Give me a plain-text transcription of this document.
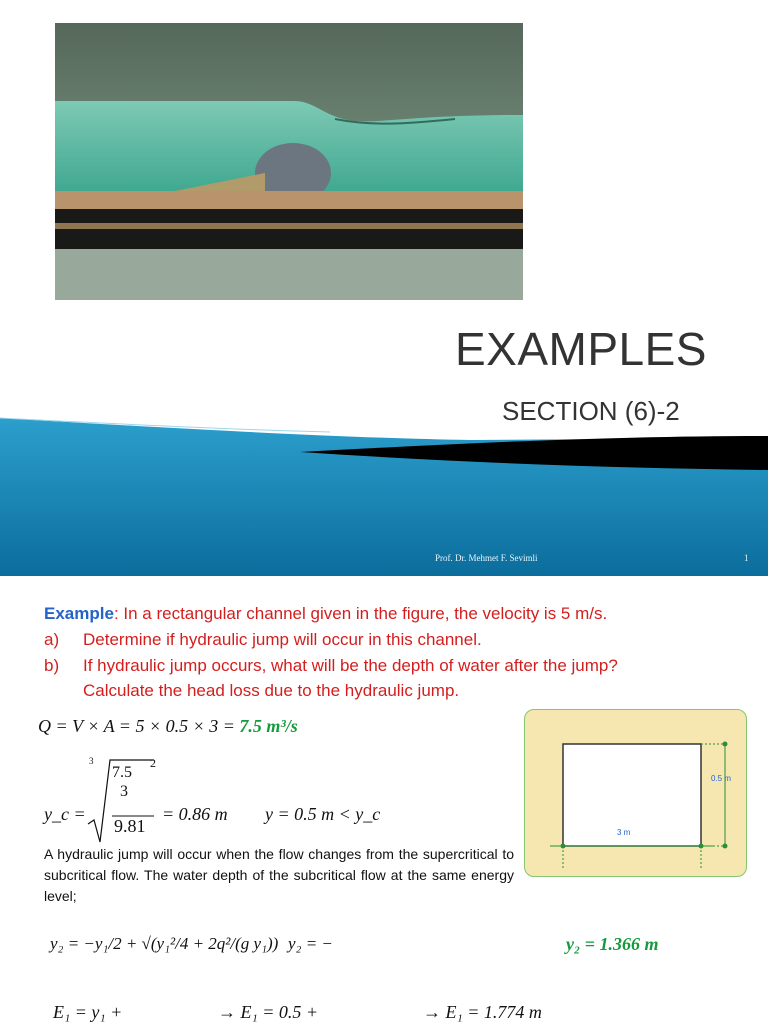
EXAMPLES
SECTION (6)-2
Prof. Dr. Mehmet F. Sevimli	1
Example: In a rectangular channel given in the figure, the velocity is 5 m/s.
a) Determine if hydraulic jump will occur in this channel.
b) If hydraulic jump occurs, what will be the depth of water after the jump?
Calculate the head loss due to the hydraulic jump.
Q = V × A = 5 × 0.5 × 3 = 7.5 m³/s
y_c =
3
7.5
3
2
9.81
= 0.86 m y = 0.5 m < y_c
A hydraulic jump will occur when the flow changes from the supercritical to subcritical flow. The water depth of the subcritical flow at the same energy level;
y₂ = −y₁/2 + √(y₁²/4 + 2q²/(g y₁)) y₂ = −	y₂ = 1.366 m
E₁ = y₁ +	→ E₁ = 0.5 +	→ E₁ = 1.774 m
0.5 m
3 m
